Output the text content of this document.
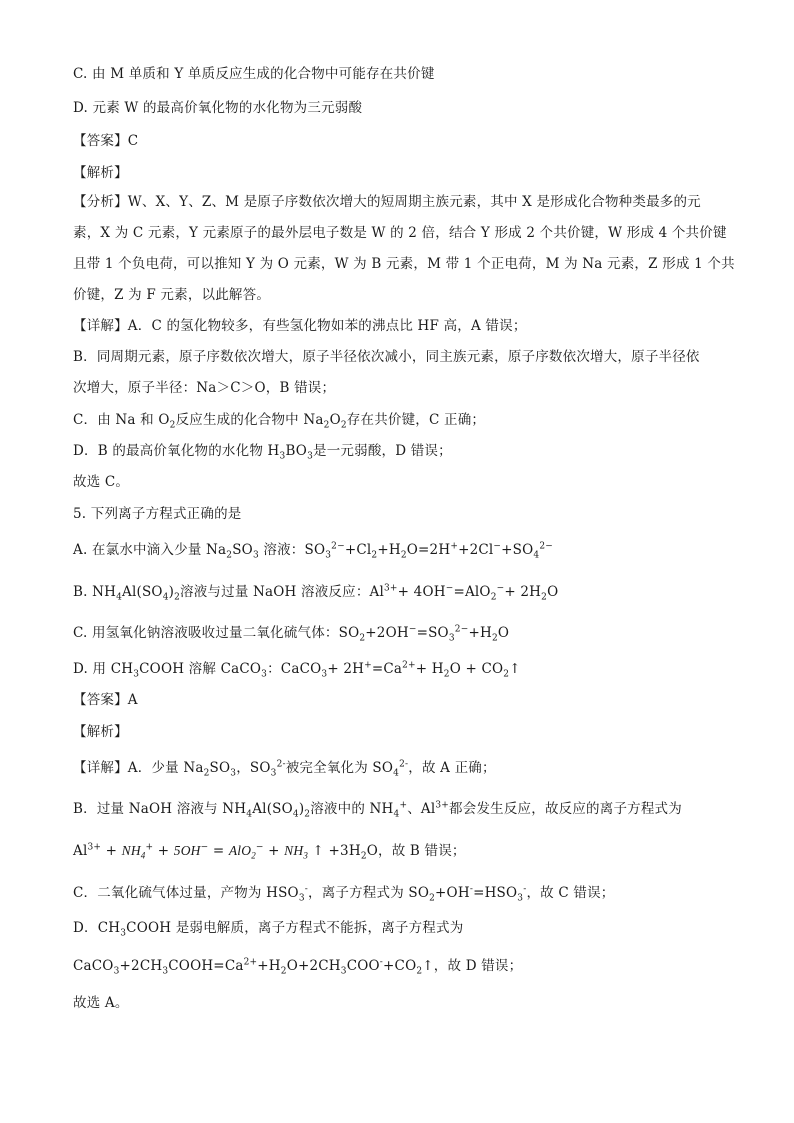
C. 由 M 单质和 Y 单质反应生成的化合物中可能存在共价键
D. 元素 W 的最高价氧化物的水化物为三元弱酸
【答案】C
【解析】
【分析】W、X、Y、Z、M 是原子序数依次增大的短周期主族元素，其中 X 是形成化合物种类最多的元
素，X 为 C 元素，Y 元素原子的最外层电子数是 W 的 2 倍，结合 Y 形成 2 个共价键，W 形成 4 个共价键
且带 1 个负电荷，可以推知 Y 为 O 元素，W 为 B 元素，M 带 1 个正电荷，M 为 Na 元素，Z 形成 1 个共
价键，Z 为 F 元素，以此解答。
【详解】A．C 的氢化物较多，有些氢化物如苯的沸点比 HF 高，A 错误；
B．同周期元素，原子序数依次增大，原子半径依次减小，同主族元素，原子序数依次增大，原子半径依
次增大，原子半径：Na＞C＞O，B 错误；
C．由 Na 和 $O_2$反应生成的化合物中 $Na_2O_2$存在共价键，C 正确；
D．B 的最高价氧化物的水化物 $H_3BO_3$是一元弱酸，D 错误；
故选 C。
5. 下列离子方程式正确的是
A. 在氯水中滴入少量 $Na_2SO_3$ 溶液：$SO_3^{2-}+Cl_2+H_2O=2H^++2Cl^-+SO_4^{2-}$
B. $NH_4Al(SO_4)_2$溶液与过量 NaOH 溶液反应：$Al^{3+}+ 4OH^-=AlO_2^-+ 2H_2O$
C. 用氢氧化钠溶液吸收过量二氧化硫气体：$SO_2+2OH^-=SO_3^{2-}+H_2O$
D. 用 $CH_3COOH$ 溶解 CaCO$_3$：CaCO$_3$+ $2H^+=Ca^{2+}+ H_2O$ + $CO_2↑$
【答案】A
【解析】
【详解】A．少量 $Na_2SO_3$，$SO_3^{2-}$被完全氧化为 $SO_4^{2-}$，故 A 正确；
B．过量 NaOH 溶液与 $NH_4Al(SO_4)_2$溶液中的 $NH_4^+$、$Al^{3+}$都会发生反应，故反应的离子方程式为
$Al^{3+} + NH_4^+ + 5OH^- = AlO_2^- + NH_3$ ↑ $+3H_2O$，故 B 错误；
C．二氧化硫气体过量，产物为 $HSO_3^-$，离子方程式为 $SO_2+OH^-=HSO_3^-$，故 C 错误；
D．$CH_3COOH$ 是弱电解质，离子方程式不能拆，离子方程式为
$CaCO_3+2CH_3COOH=Ca^{2+}+H_2O+2CH_3COO^-+CO_2↑$，故 D 错误；
故选 A。
